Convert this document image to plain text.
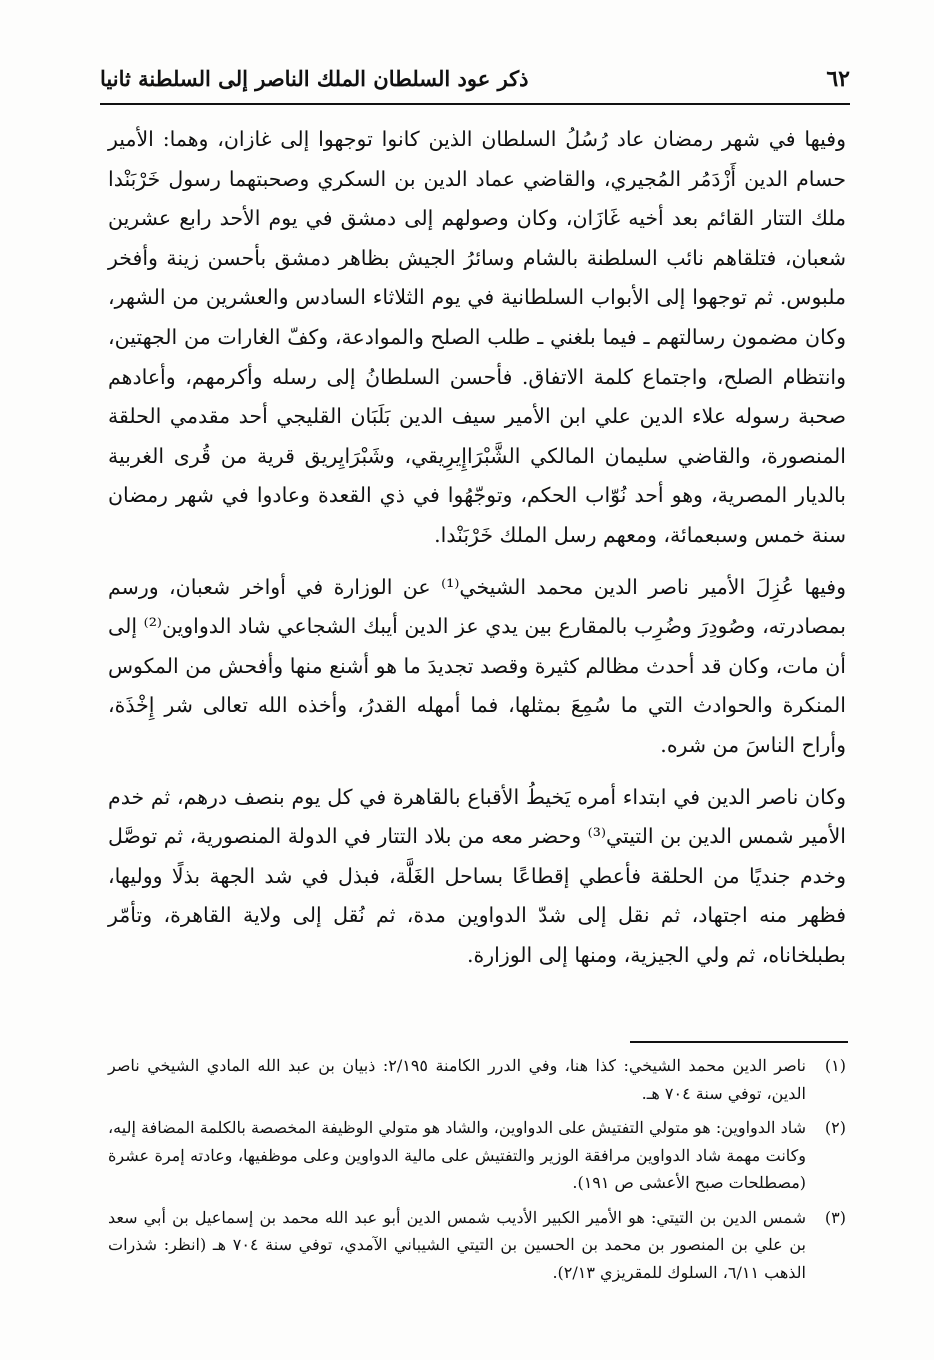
٦٢
ذكر عود السلطان الملك الناصر إلى السلطنة ثانيا

وفيها في شهر رمضان عاد رُسُلُ السلطان الذين كانوا توجهوا إلى غازان، وهما: الأمير حسام الدين أَزْدَمُر المُجيري، والقاضي عماد الدين بن السكري وصحبتهما رسول خَرْبَنْدا ملك التتار القائم بعد أخيه غَازَان، وكان وصولهم إلى دمشق في يوم الأحد رابع عشرين شعبان، فتلقاهم نائب السلطنة بالشام وسائرُ الجيش بظاهر دمشق بأحسن زينة وأفخر ملبوس. ثم توجهوا إلى الأبواب السلطانية في يوم الثلاثاء السادس والعشرين من الشهر، وكان مضمون رسالتهم ـ فيما بلغني ـ طلب الصلح والموادعة، وكفّ الغارات من الجهتين، وانتظام الصلح، واجتماع كلمة الاتفاق. فأحسن السلطانُ إلى رسله وأكرمهم، وأعادهم صحبة رسوله علاء الدين علي ابن الأمير سيف الدين بَلَبَان القليجي أحد مقدمي الحلقة المنصورة، والقاضي سليمان المالكي الشَّبْرَاإِيرِيقي، وشَبْرَايِريق قرية من قُرى الغربية بالديار المصرية، وهو أحد نُوّاب الحكم، وتوجّهُوا في ذي القعدة وعادوا في شهر رمضان سنة خمس وسبعمائة، ومعهم رسل الملك خَرْبَنْدا.

وفيها عُزِلَ الأمير ناصر الدين محمد الشيخي⁽¹⁾ عن الوزارة في أواخر شعبان، ورسم بمصادرته، وصُودِرَ وضُرِب بالمقارع بين يدي عز الدين أيبك الشجاعي شاد الدواوين⁽²⁾ إلى أن مات، وكان قد أحدث مظالم كثيرة وقصد تجديدَ ما هو أشنع منها وأفحش من المكوس المنكرة والحوادث التي ما سُمِعَ بمثلها، فما أمهله القدرُ، وأخذه الله تعالى شر إِخْذَة، وأراح الناسَ من شره.

وكان ناصر الدين في ابتداء أمره يَخيطُ الأقباع بالقاهرة في كل يوم بنصف درهم، ثم خدم الأمير شمس الدين بن التيتي⁽³⁾ وحضر معه من بلاد التتار في الدولة المنصورية، ثم توصَّل وخدم جنديًا من الحلقة فأعطي إقطاعًا بساحل الغَلَّة، فبذل في شد الجهة بذلًا ووليها، فظهر منه اجتهاد، ثم نقل إلى شدّ الدواوين مدة، ثم نُقل إلى ولاية القاهرة، وتأمّر بطبلخاناه، ثم ولي الجيزية، ومنها إلى الوزارة.

(١)
ناصر الدين محمد الشيخي: كذا هنا، وفي الدرر الكامنة ٢/١٩٥: ذبيان بن عبد الله المادي الشيخي ناصر الدين، توفي سنة ٧٠٤ هـ.
(٢)
شاد الدواوين: هو متولي التفتيش على الدواوين، والشاد هو متولي الوظيفة المخصصة بالكلمة المضافة إليه، وكانت مهمة شاد الدواوين مرافقة الوزير والتفتيش على مالية الدواوين وعلى موظفيها، وعادته إمرة عشرة (مصطلحات صبح الأعشى ص ١٩١).
(٣)
شمس الدين بن التيتي: هو الأمير الكبير الأديب شمس الدين أبو عبد الله محمد بن إسماعيل بن أبي سعد بن علي بن المنصور بن محمد بن الحسين بن التيتي الشيباني الآمدي، توفي سنة ٧٠٤ هـ (انظر: شذرات الذهب ٦/١١، السلوك للمقريزي ٢/١٣).
